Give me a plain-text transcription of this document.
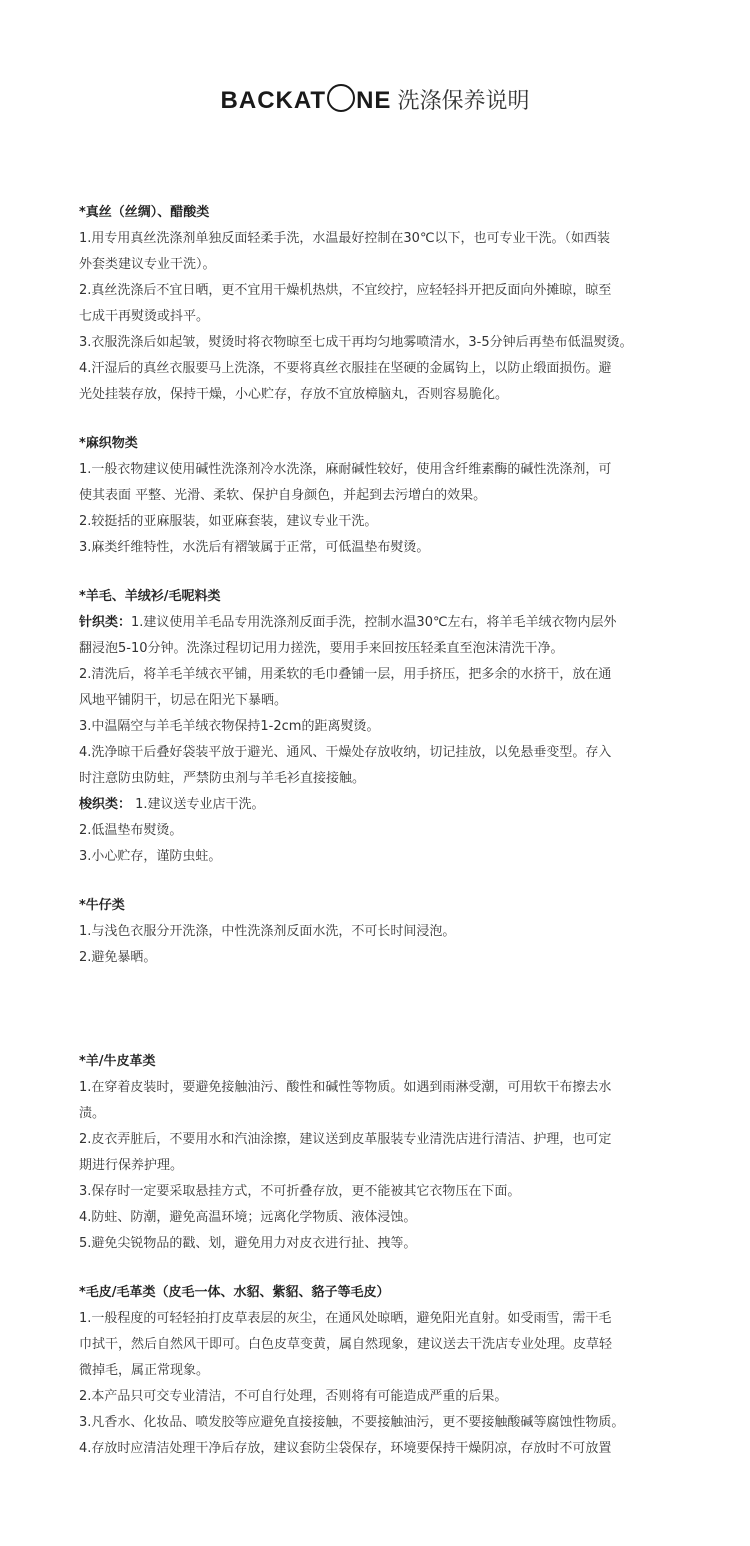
BACKAT NE 洗涤保养说明

*真丝（丝绸）、醋酸类

1.用专用真丝洗涤剂单独反面轻柔手洗，水温最好控制在30℃以下，也可专业干洗。（如西装

外套类建议专业干洗）。

2.真丝洗涤后不宜日晒，更不宜用干燥机热烘，不宜绞拧，应轻轻抖开把反面向外摊晾，晾至

七成干再熨烫或抖平。

3.衣服洗涤后如起皱，熨烫时将衣物晾至七成干再均匀地雾喷清水，3-5分钟后再垫布低温熨烫。

4.汗湿后的真丝衣服要马上洗涤，不要将真丝衣服挂在坚硬的金属钩上，以防止缎面损伤。避

光处挂装存放，保持干燥，小心贮存，存放不宜放樟脑丸，否则容易脆化。

*麻织物类

1.一般衣物建议使用碱性洗涤剂冷水洗涤，麻耐碱性较好，使用含纤维素酶的碱性洗涤剂，可

使其表面 平整、光滑、柔软、保护自身颜色，并起到去污增白的效果。

2.较挺括的亚麻服装，如亚麻套装，建议专业干洗。

3.麻类纤维特性，水洗后有褶皱属于正常，可低温垫布熨烫。

*羊毛、羊绒衫/毛呢料类

针织类：1.建议使用羊毛品专用洗涤剂反面手洗，控制水温30℃左右，将羊毛羊绒衣物内层外

翻浸泡5-10分钟。洗涤过程切记用力搓洗，要用手来回按压轻柔直至泡沫清洗干净。

2.清洗后，将羊毛羊绒衣平铺，用柔软的毛巾叠铺一层，用手挤压，把多余的水挤干，放在通

风地平铺阴干，切忌在阳光下暴晒。

3.中温隔空与羊毛羊绒衣物保持1-2cm的距离熨烫。

4.洗净晾干后叠好袋装平放于避光、通风、干燥处存放收纳，切记挂放，以免悬垂变型。存入

时注意防虫防蛀，严禁防虫剂与羊毛衫直接接触。

梭织类： 1.建议送专业店干洗。

2.低温垫布熨烫。

3.小心贮存，谨防虫蛀。

*牛仔类

1.与浅色衣服分开洗涤，中性洗涤剂反面水洗，不可长时间浸泡。

2.避免暴晒。

*羊/牛皮革类

1.在穿着皮装时，要避免接触油污、酸性和碱性等物质。如遇到雨淋受潮，可用软干布擦去水

渍。

2.皮衣弄脏后，不要用水和汽油涂擦，建议送到皮革服装专业清洗店进行清洁、护理，也可定

期进行保养护理。

3.保存时一定要采取悬挂方式，不可折叠存放，更不能被其它衣物压在下面。

4.防蛀、防潮，避免高温环境；远离化学物质、液体浸蚀。

5.避免尖锐物品的戳、划，避免用力对皮衣进行扯、拽等。

*毛皮/毛革类（皮毛一体、水貂、紫貂、貉子等毛皮）

1.一般程度的可轻轻拍打皮草表层的灰尘，在通风处晾晒，避免阳光直射。如受雨雪，需干毛

巾拭干，然后自然风干即可。白色皮草变黄，属自然现象，建议送去干洗店专业处理。皮草轻

微掉毛，属正常现象。

2.本产品只可交专业清洁，不可自行处理，否则将有可能造成严重的后果。

3.凡香水、化妆品、喷发胶等应避免直接接触，不要接触油污，更不要接触酸碱等腐蚀性物质。

4.存放时应清洁处理干净后存放，建议套防尘袋保存，环境要保持干燥阴凉，存放时不可放置
